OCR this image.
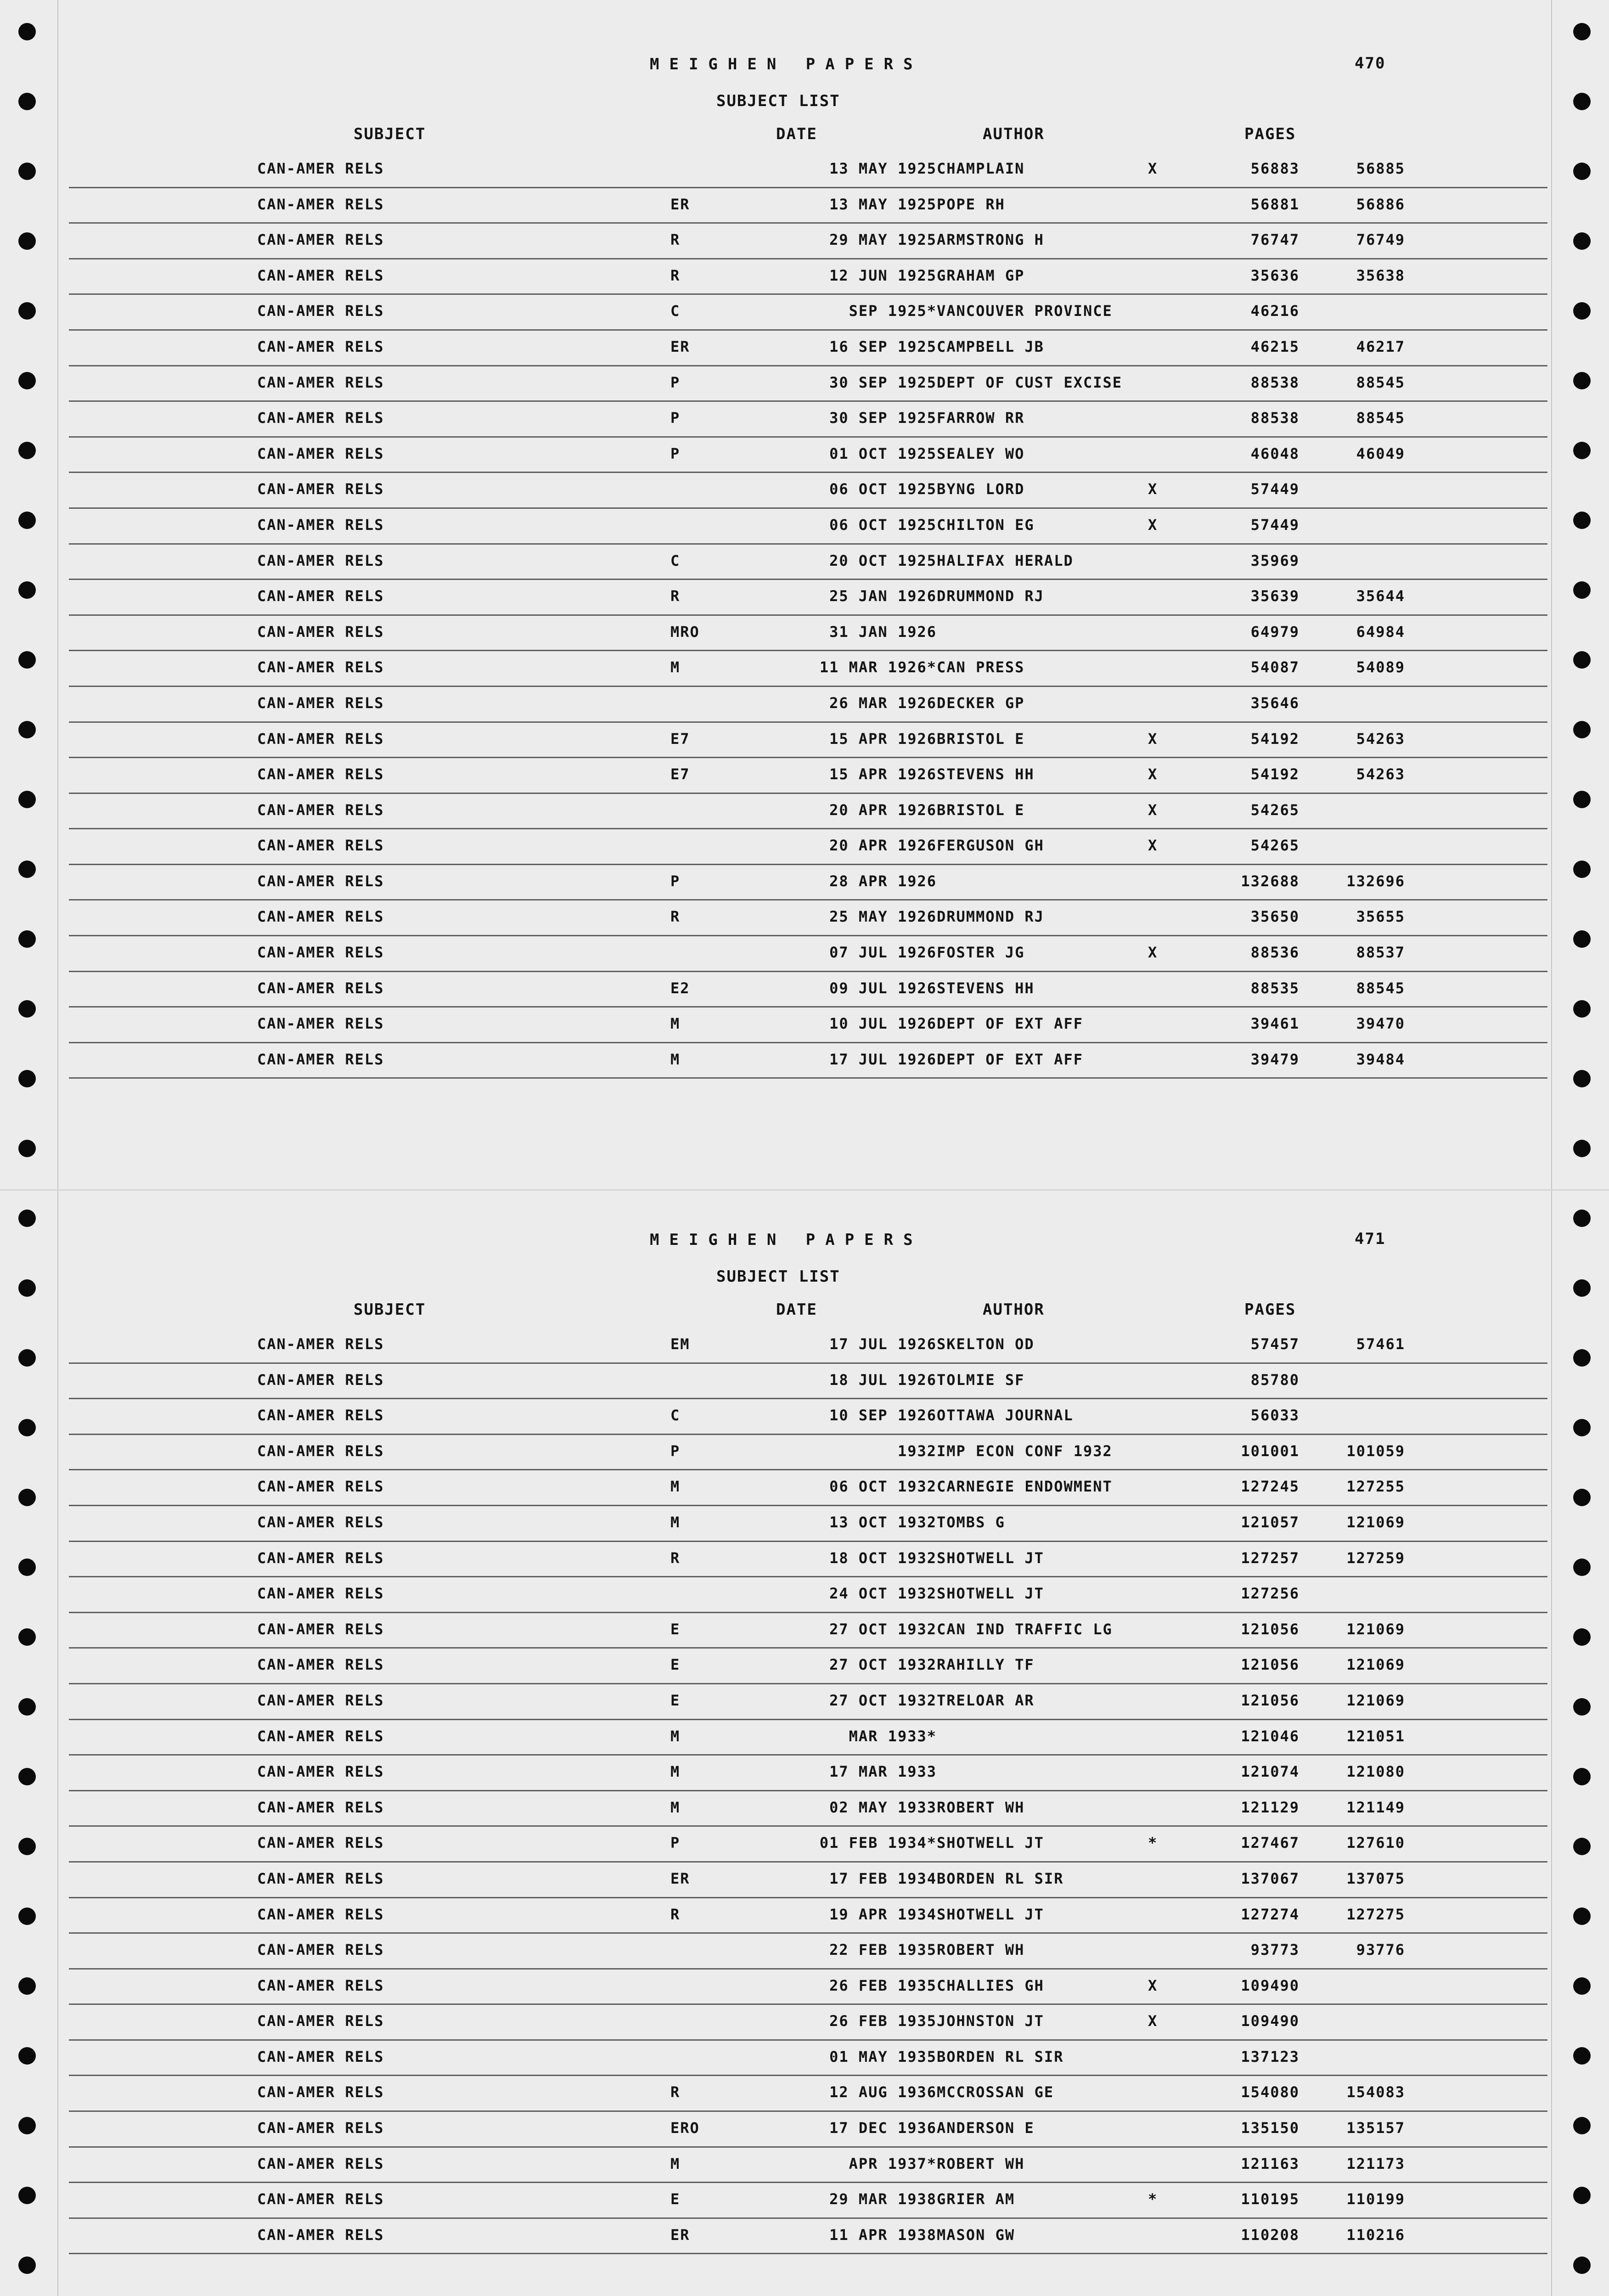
MEIGHEN PAPERS	470
SUBJECT LIST
SUBJECT	DATE	AUTHOR	PAGES
CAN-AMER RELS	13 MAY 1925 CHAMPLAIN	X	56883	56885
CAN-AMER RELS	ER	13 MAY 1925 POPE RH	56881	56886
CAN-AMER RELS	R	29 MAY 1925 ARMSTRONG H	76747	76749
CAN-AMER RELS	R	12 JUN 1925 GRAHAM GP	35636	35638
CAN-AMER RELS	C	SEP 1925* VANCOUVER PROVINCE	46216
CAN-AMER RELS	ER	16 SEP 1925 CAMPBELL JB	46215	46217
CAN-AMER RELS	P	30 SEP 1925 DEPT OF CUST EXCISE	88538	88545
CAN-AMER RELS	P	30 SEP 1925 FARROW RR	88538	88545
CAN-AMER RELS	P	01 OCT 1925 SEALEY WO	46048	46049
CAN-AMER RELS	06 OCT 1925 BYNG LORD	X	57449
CAN-AMER RELS	06 OCT 1925 CHILTON EG	X	57449
CAN-AMER RELS	C	20 OCT 1925 HALIFAX HERALD	35969
CAN-AMER RELS	R	25 JAN 1926 DRUMMOND RJ	35639	35644
CAN-AMER RELS	MRO	31 JAN 1926	64979	64984
CAN-AMER RELS	M	11 MAR 1926* CAN PRESS	54087	54089
CAN-AMER RELS	26 MAR 1926 DECKER GP	35646
CAN-AMER RELS	E7	15 APR 1926 BRISTOL E	X	54192	54263
CAN-AMER RELS	E7	15 APR 1926 STEVENS HH	X	54192	54263
CAN-AMER RELS	20 APR 1926 BRISTOL E	X	54265
CAN-AMER RELS	20 APR 1926 FERGUSON GH	X	54265
CAN-AMER RELS	P	28 APR 1926	132688	132696
CAN-AMER RELS	R	25 MAY 1926 DRUMMOND RJ	35650	35655
CAN-AMER RELS	07 JUL 1926 FOSTER JG	X	88536	88537
CAN-AMER RELS	E2	09 JUL 1926 STEVENS HH	88535	88545
CAN-AMER RELS	M	10 JUL 1926 DEPT OF EXT AFF	39461	39470
CAN-AMER RELS	M	17 JUL 1926 DEPT OF EXT AFF	39479	39484
MEIGHEN PAPERS	471
SUBJECT LIST
SUBJECT	DATE	AUTHOR	PAGES
CAN-AMER RELS	EM	17 JUL 1926 SKELTON OD	57457	57461
CAN-AMER RELS	18 JUL 1926 TOLMIE SF	85780
CAN-AMER RELS	C	10 SEP 1926 OTTAWA JOURNAL	56033
CAN-AMER RELS	P	1932 IMP ECON CONF 1932	101001	101059
CAN-AMER RELS	M	06 OCT 1932 CARNEGIE ENDOWMENT	127245	127255
CAN-AMER RELS	M	13 OCT 1932 TOMBS G	121057	121069
CAN-AMER RELS	R	18 OCT 1932 SHOTWELL JT	127257	127259
CAN-AMER RELS	24 OCT 1932 SHOTWELL JT	127256
CAN-AMER RELS	E	27 OCT 1932 CAN IND TRAFFIC LG	121056	121069
CAN-AMER RELS	E	27 OCT 1932 RAHILLY TF	121056	121069
CAN-AMER RELS	E	27 OCT 1932 TRELOAR AR	121056	121069
CAN-AMER RELS	M	MAR 1933*	121046	121051
CAN-AMER RELS	M	17 MAR 1933	121074	121080
CAN-AMER RELS	M	02 MAY 1933 ROBERT WH	121129	121149
CAN-AMER RELS	P	01 FEB 1934* SHOTWELL JT	*	127467	127610
CAN-AMER RELS	ER	17 FEB 1934 BORDEN RL SIR	137067	137075
CAN-AMER RELS	R	19 APR 1934 SHOTWELL JT	127274	127275
CAN-AMER RELS	22 FEB 1935 ROBERT WH	93773	93776
CAN-AMER RELS	26 FEB 1935 CHALLIES GH	X	109490
CAN-AMER RELS	26 FEB 1935 JOHNSTON JT	X	109490
CAN-AMER RELS	01 MAY 1935 BORDEN RL SIR	137123
CAN-AMER RELS	R	12 AUG 1936 MCCROSSAN GE	154080	154083
CAN-AMER RELS	ERO	17 DEC 1936 ANDERSON E	135150	135157
CAN-AMER RELS	M	APR 1937* ROBERT WH	121163	121173
CAN-AMER RELS	E	29 MAR 1938 GRIER AM	*	110195	110199
CAN-AMER RELS	ER	11 APR 1938 MASON GW	110208	110216
